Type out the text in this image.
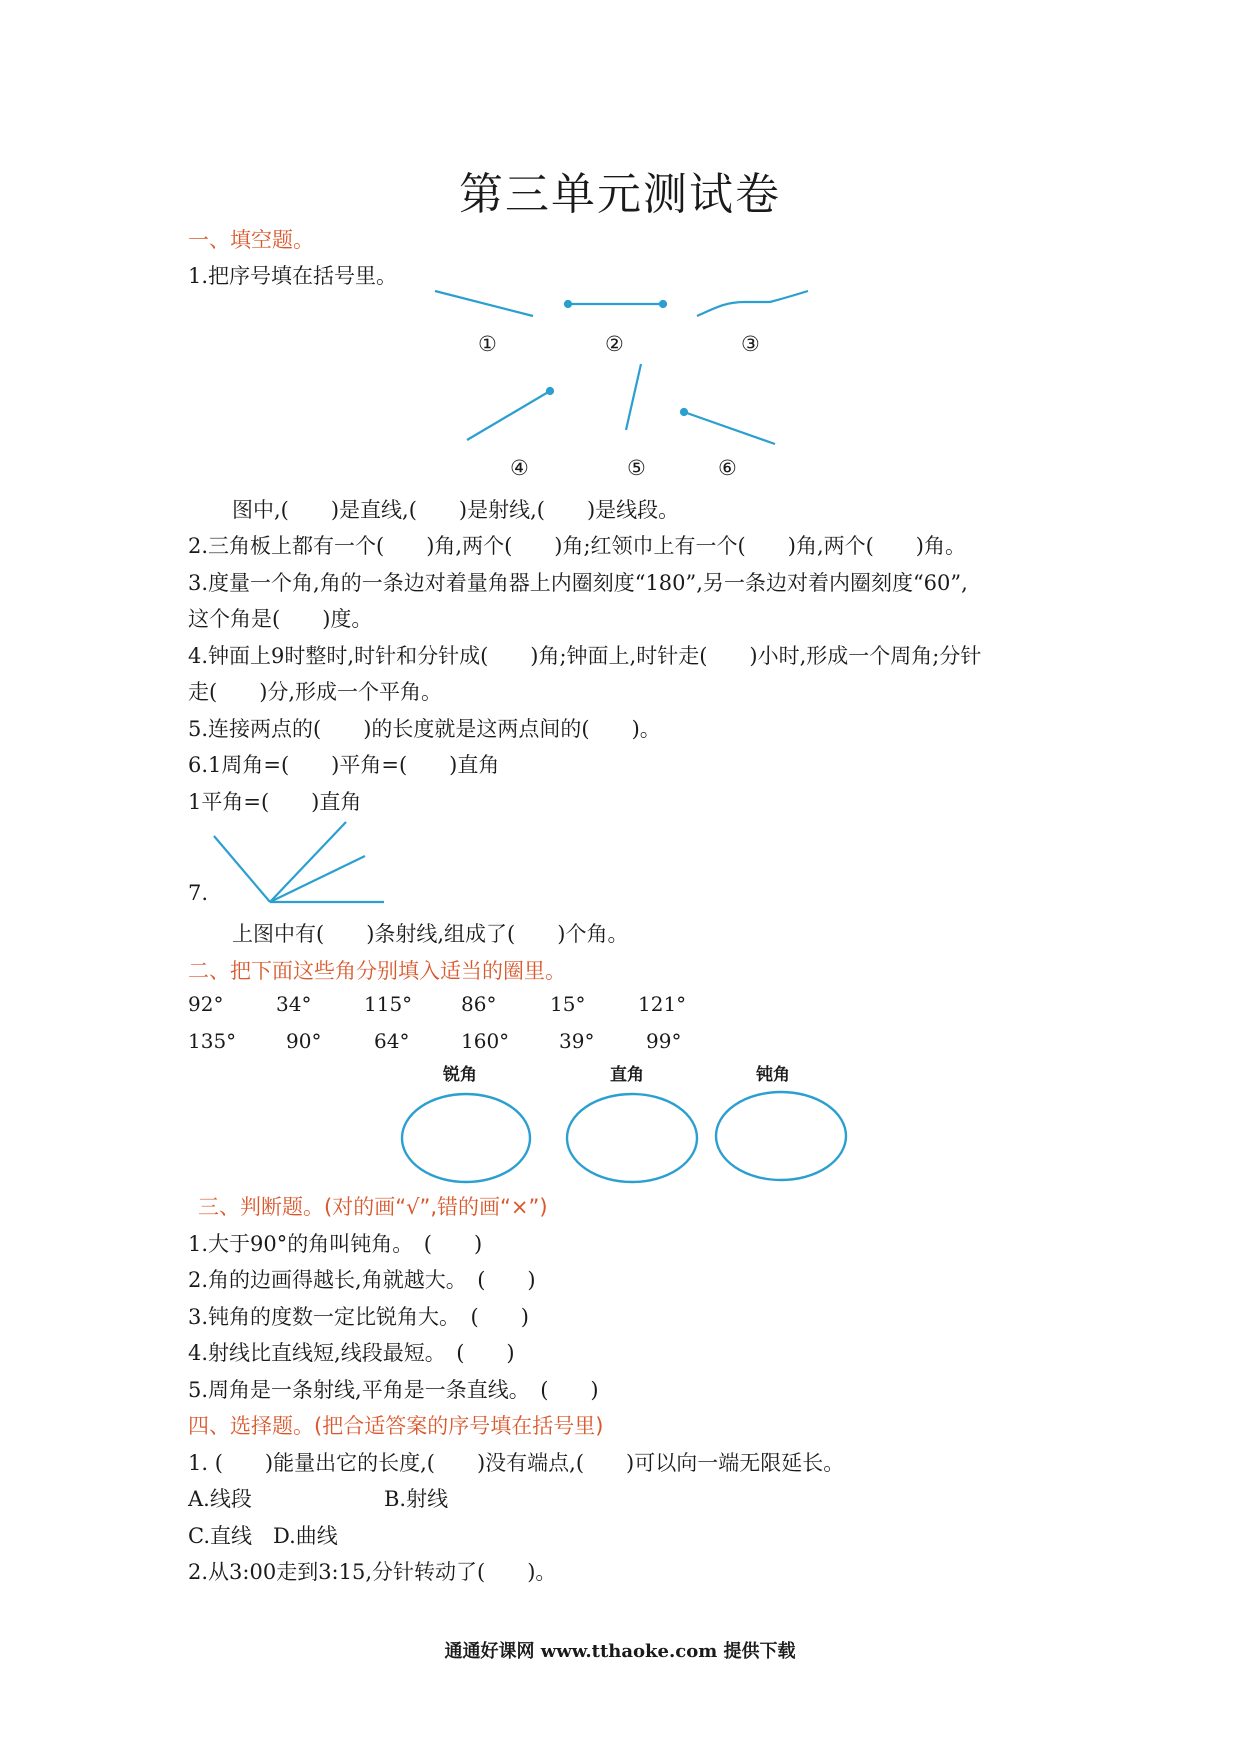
第三单元测试卷
一、填空题。
1.把序号填在括号里。
①	②	③
④	⑤	⑥
图中,(　　)是直线,(　　)是射线,(　　)是线段。
2.三角板上都有一个(　　)角,两个(　　)角;红领巾上有一个(　　)角,两个(　　)角。
3.度量一个角,角的一条边对着量角器上内圈刻度“180”,另一条边对着内圈刻度“60”,
这个角是(　　)度。
4.钟面上9时整时,时针和分针成(　　)角;钟面上,时针走(　　)小时,形成一个周角;分针
走(　　)分,形成一个平角。
5.连接两点的(　　)的长度就是这两点间的(　　)。
6.1周角=(　　)平角=(　　)直角
1平角=(　　)直角
7.
上图中有(　　)条射线,组成了(　　)个角。
二、把下面这些角分别填入适当的圈里。
92°	34°	115° 86°	15°	121°
135° 90°	64°	160° 39°	99°
锐角	直角	钝角
三、判断题。(对的画“√”,错的画“×”)
1.大于90°的角叫钝角。　(　　)
2.角的边画得越长,角就越大。　(　　)
3.钝角的度数一定比锐角大。　(　　)
4.射线比直线短,线段最短。　(　　)
5.周角是一条射线,平角是一条直线。　(　　)
四、选择题。(把合适答案的序号填在括号里)
1. (　　)能量出它的长度,(　　)没有端点,(　　)可以向一端无限延长。
A.线段	B.射线
C.直线　D.曲线
2.从3:00走到3:15,分针转动了(　　)。
通通好课网 www.tthaoke.com 提供下载
